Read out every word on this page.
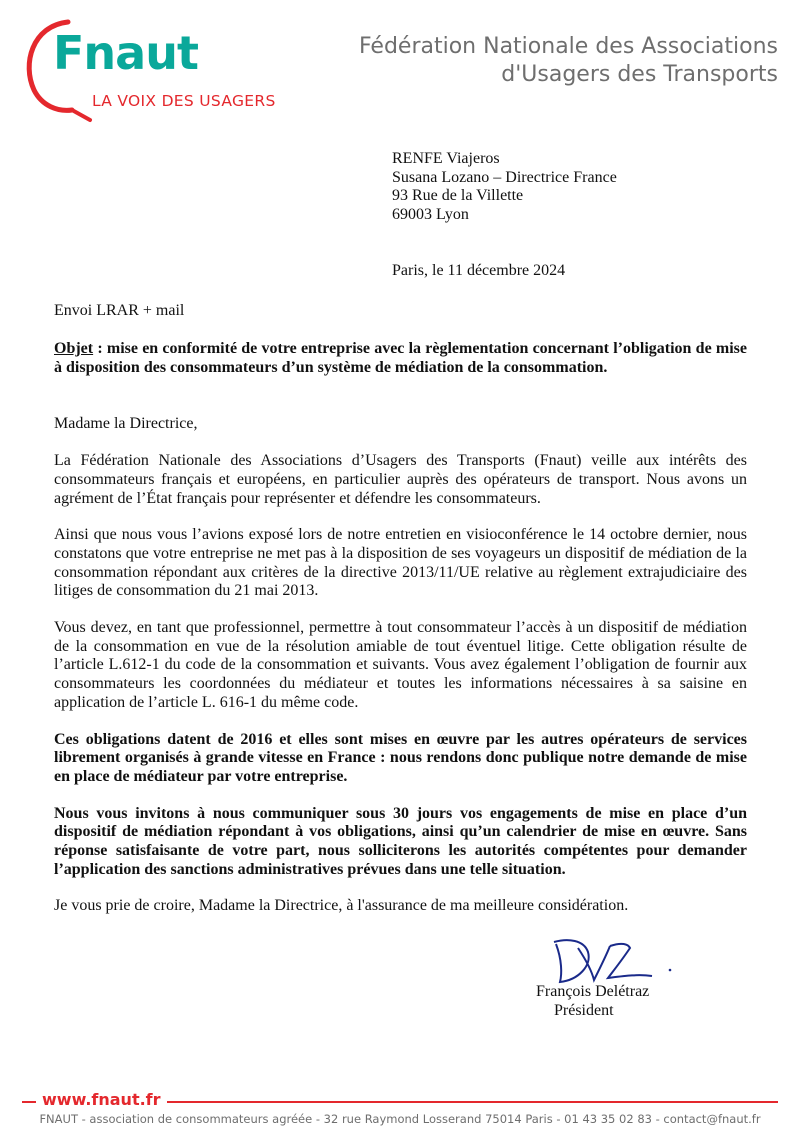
Fnaut
LA VOIX DES USAGERS
Fédération Nationale des Associations
d'Usagers des Transports
RENFE Viajeros
Susana Lozano – Directrice France
93 Rue de la Villette
69003 Lyon
Paris, le 11 décembre 2024
Envoi LRAR + mail

Objet : mise en conformité de votre entreprise avec la règlementation concernant l’obligation de mise à disposition des consommateurs d’un système de médiation de la consommation.

Madame la Directrice,

La Fédération Nationale des Associations d’Usagers des Transports (Fnaut) veille aux intérêts des consommateurs français et européens, en particulier auprès des opérateurs de transport. Nous avons un agrément de l’État français pour représenter et défendre les consommateurs.

Ainsi que nous vous l’avions exposé lors de notre entretien en visioconférence le 14 octobre dernier, nous constatons que votre entreprise ne met pas à la disposition de ses voyageurs un dispositif de médiation de la consommation répondant aux critères de la directive 2013/11/UE relative au règlement extrajudiciaire des litiges de consommation du 21 mai 2013.

Vous devez, en tant que professionnel, permettre à tout consommateur l’accès à un dispositif de médiation de la consommation en vue de la résolution amiable de tout éventuel litige. Cette obligation résulte de l’article L.612-1 du code de la consommation et suivants. Vous avez également l’obligation de fournir aux consommateurs les coordonnées du médiateur et toutes les informations nécessaires à sa saisine en application de l’article L. 616-1 du même code.

Ces obligations datent de 2016 et elles sont mises en œuvre par les autres opérateurs de services librement organisés à grande vitesse en France : nous rendons donc publique notre demande de mise en place de médiateur par votre entreprise.

Nous vous invitons à nous communiquer sous 30 jours vos engagements de mise en place d’un dispositif de médiation répondant à vos obligations, ainsi qu’un calendrier de mise en œuvre. Sans réponse satisfaisante de votre part, nous solliciterons les autorités compétentes pour demander l’application des sanctions administratives prévues dans une telle situation.

Je vous prie de croire, Madame la Directrice, à l'assurance de ma meilleure considération.

François Delétraz
Président
www.fnaut.fr
FNAUT - association de consommateurs agréée - 32 rue Raymond Losserand 75014 Paris - 01 43 35 02 83 - contact@fnaut.fr
